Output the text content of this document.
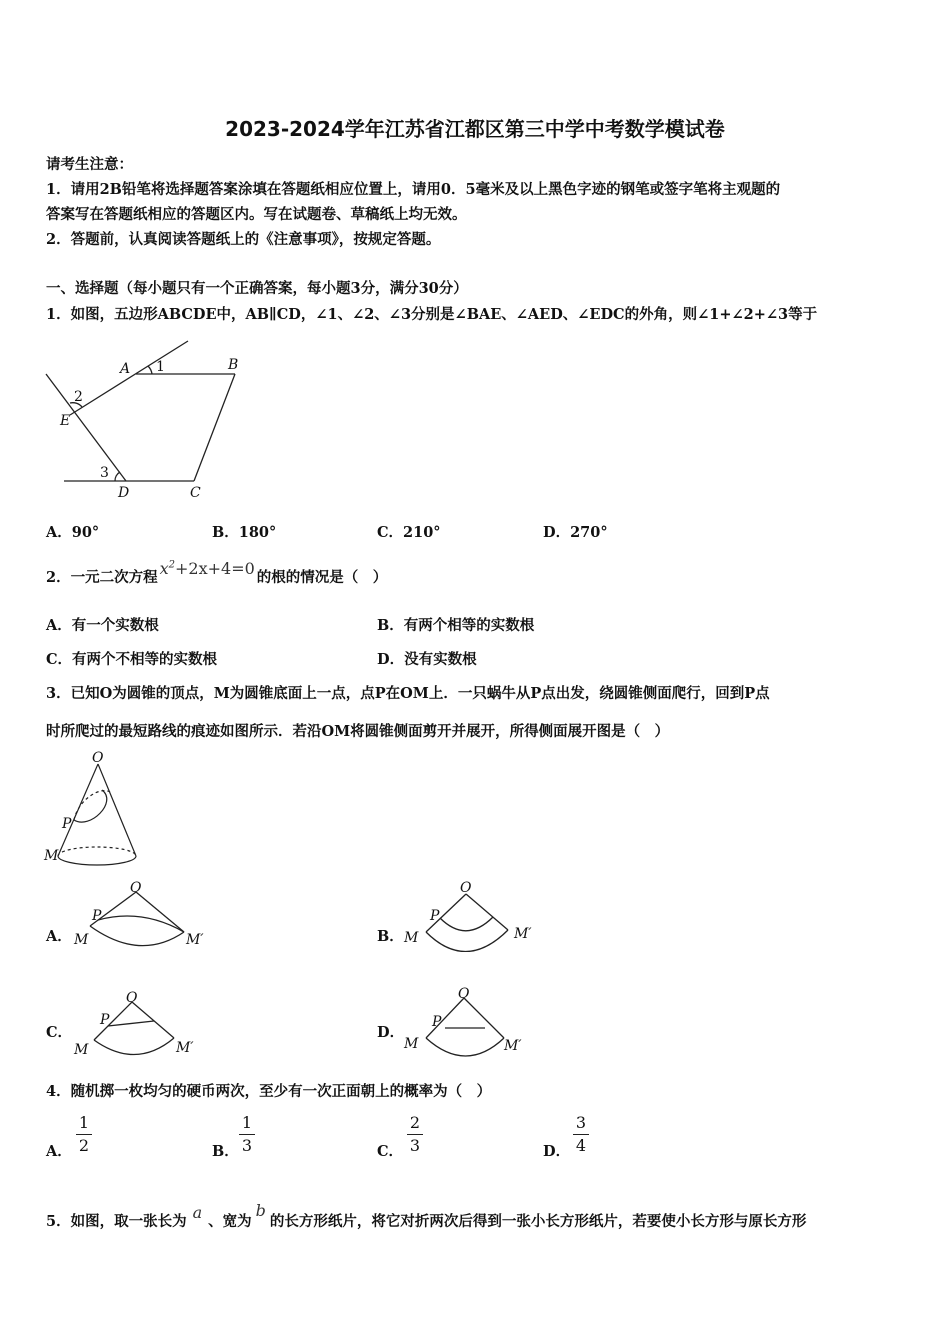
2023-2024学年江苏省江都区第三中学中考数学模试卷
请考生注意：
1．请用2B铅笔将选择题答案涂填在答题纸相应位置上，请用0．5毫米及以上黑色字迹的钢笔或签字笔将主观题的
答案写在答题纸相应的答题区内。写在试题卷、草稿纸上均无效。
2．答题前，认真阅读答题纸上的《注意事项》，按规定答题。
一、选择题（每小题只有一个正确答案，每小题3分，满分30分）
1．如图，五边形ABCDE中，AB∥CD，∠1、∠2、∠3分别是∠BAE、∠AED、∠EDC的外角，则∠1+∠2+∠3等于
A	B
C
D
E
1
2
3
A．90°	B．180°	C．210°	D．270°
2．一元二次方程 $x^2+2x+4=0$ 的根的情况是（　）
A．有一个实数根	B．有两个相等的实数根
C．有两个不相等的实数根	D．没有实数根
3．已知O为圆锥的顶点，M为圆锥底面上一点，点P在OM上．一只蜗牛从P点出发，绕圆锥侧面爬行，回到P点
时所爬过的最短路线的痕迹如图所示．若沿OM将圆锥侧面剪开并展开，所得侧面展开图是（　）
O
P
M
A．
O
P
M	M′	B．
O
P
M	M′
C．
O
P
M	M′
D．
O
P
M	M′
4．随机掷一枚均匀的硬币两次，至少有一次正面朝上的概率为（　）
A．
1
2	B．
1
3	C．
2
3	D．
3
4
5．如图，取一张长为 a 、宽为b的长方形纸片，将它对折两次后得到一张小长方形纸片，若要使小长方形与原长方形
